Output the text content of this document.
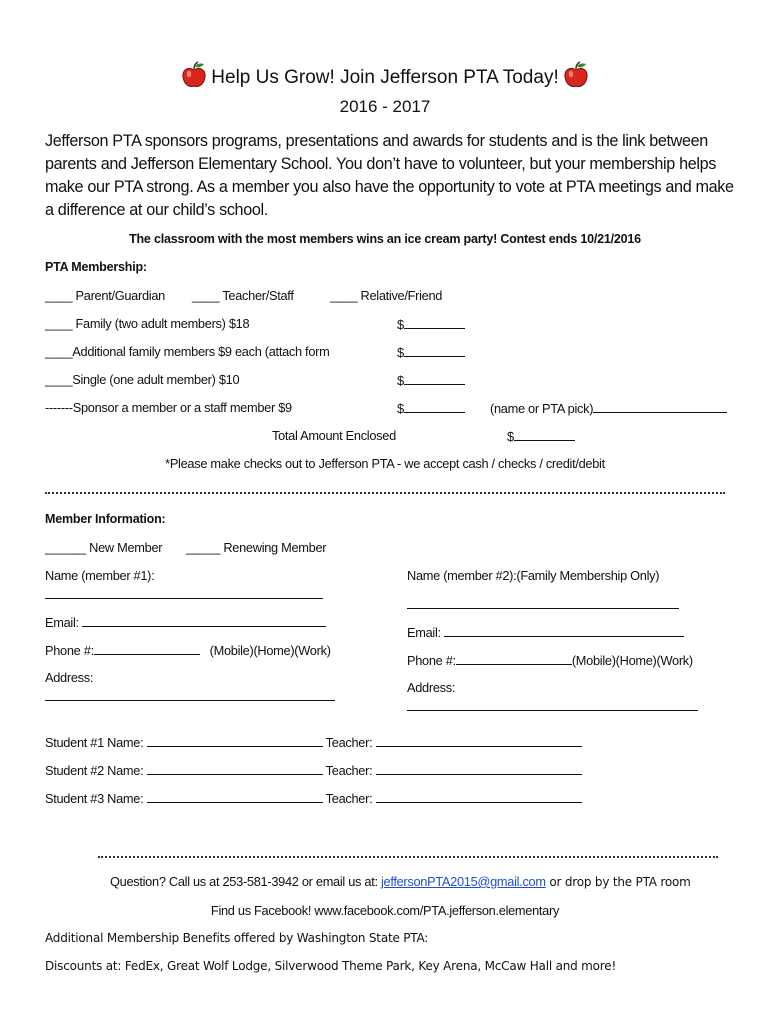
Help Us Grow! Join Jefferson PTA Today!
2016 - 2017
Jefferson PTA sponsors programs, presentations and awards for students and is the link between parents and Jefferson Elementary School. You don’t have to volunteer, but your membership helps make our PTA strong. As a member you also have the opportunity to vote at PTA meetings and make a difference at our child’s school.
The classroom with the most members wins an ice cream party! Contest ends 10/21/2016
PTA Membership:
____ Parent/Guardian ____ Teacher/Staff	____ Relative/Friend
____ Family (two adult members) $18	$
____Additional family members $9 each (attach form	$
____Single (one adult member) $10	$
-------Sponsor a member or a staff member $9	$	(name or PTA pick)
Total Amount Enclosed	$
*Please make checks out to Jefferson PTA - we accept cash / checks / credit/debit
Member Information:
______ New Member _____ Renewing Member
Name (member #1):
Email:
Phone #:	(Mobile)(Home)(Work)
Address:
Name (member #2):(Family Membership Only)
Email:
Phone #:	(Mobile)(Home)(Work)
Address:
Student #1 Name:	Teacher:
Student #2 Name:	Teacher:
Student #3 Name:	Teacher:
Question? Call us at 253-581-3942 or email us at: jeffersonPTA2015@gmail.com or drop by the PTA room
Find us Facebook! www.facebook.com/PTA.jefferson.elementary
Additional Membership Benefits offered by Washington State PTA:
Discounts at: FedEx, Great Wolf Lodge, Silverwood Theme Park, Key Arena, McCaw Hall and more!
